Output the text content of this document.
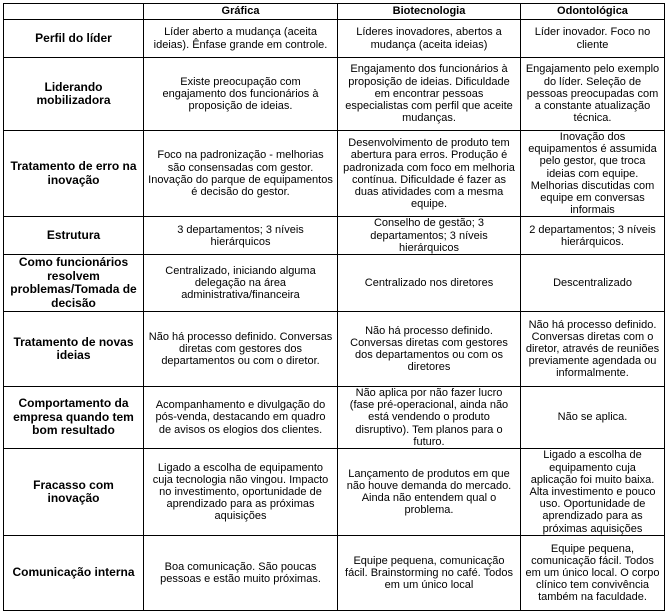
	Gráfica	Biotecnologia	Odontológica
Perfil do líder	Líder aberto a mudança (aceita ideias). Ênfase grande em controle.	Líderes inovadores, abertos a mudança (aceita ideias)	Líder inovador. Foco no cliente
Liderando mobilizadora	Existe preocupação com engajamento dos funcionários à proposição de ideias.	Engajamento dos funcionários à proposição de ideias. Dificuldade em encontrar pessoas especialistas com perfil que aceite mudanças.	Engajamento pelo exemplo do líder. Seleção de pessoas preocupadas com a constante atualização técnica.
Tratamento de erro na inovação	Foco na padronização - melhorias são consensadas com gestor. Inovação do parque de equipamentos é decisão do gestor.	Desenvolvimento de produto tem abertura para erros. Produção é padronizada com foco em melhoria contínua. Dificuldade é fazer as duas atividades com a mesma equipe.	Inovação dos equipamentos é assumida pelo gestor, que troca ideias com equipe. Melhorias discutidas com equipe em conversas informais
Estrutura	3 departamentos; 3 níveis hierárquicos	Conselho de gestão; 3 departamentos; 3 níveis hierárquicos	2 departamentos; 3 níveis hierárquicos.
Como funcionários resolvem problemas/Tomada de decisão	Centralizado, iniciando alguma delegação na área administrativa/financeira	Centralizado nos diretores	Descentralizado
Tratamento de novas ideias	Não há processo definido. Conversas diretas com gestores dos departamentos ou com o diretor.	Não há processo definido. Conversas diretas com gestores dos departamentos ou com os diretores	Não há processo definido. Conversas diretas com o diretor, através de reuniões previamente agendada ou informalmente.
Comportamento da empresa quando tem bom resultado	Acompanhamento e divulgação do pós-venda, destacando em quadro de avisos os elogios dos clientes.	Não aplica por não fazer lucro (fase pré-operacional, ainda não está vendendo o produto disruptivo). Tem planos para o futuro.	Não se aplica.
Fracasso com inovação	Ligado a escolha de equipamento cuja tecnologia não vingou. Impacto no investimento, oportunidade de aprendizado para as próximas aquisições	Lançamento de produtos em que não houve demanda do mercado. Ainda não entendem qual o problema.	Ligado a escolha de equipamento cuja aplicação foi muito baixa. Alta investimento e pouco uso. Oportunidade de aprendizado para as próximas aquisições
Comunicação interna	Boa comunicação. São poucas pessoas e estão muito próximas.	Equipe pequena, comunicação fácil. Brainstorming no café. Todos em um único local	Equipe pequena, comunicação fácil. Todos em um único local. O corpo clínico tem convivência também na faculdade.
